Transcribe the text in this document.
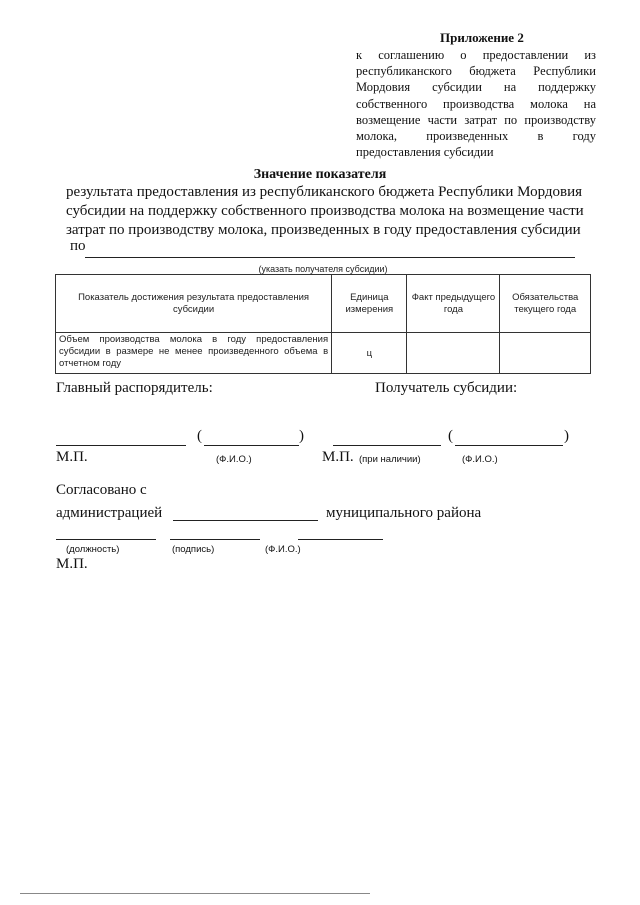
Приложение 2
к соглашению о предоставлении из республиканского бюджета Республики Мордовия субсидии на поддержку собственного производства молока на возмещение части затрат по производству молока, произведенных в году предоставления субсидии
Значение показателя
результата предоставления из республиканского бюджета Республики Мордовия субсидии на поддержку собственного производства молока на возмещение части затрат по производству молока, произведенных в году предоставления субсидии
по
(указать получателя субсидии)			
Показатель достижения результата предоставления субсидии	Единица измерения	Факт предыдущего года	Обязательства текущего года
Объем производства молока в году предоставления субсидии в размере не менее произведенного объема в отчетном году	ц		
Главный распорядитель:	Получатель субсидии:
(	)
М.П.	(Ф.И.О.)
(	)
М.П. (при наличии)	(Ф.И.О.)
Согласовано с
администрацией	муниципального района
(должность)	(подпись)	(Ф.И.О.)
М.П.
